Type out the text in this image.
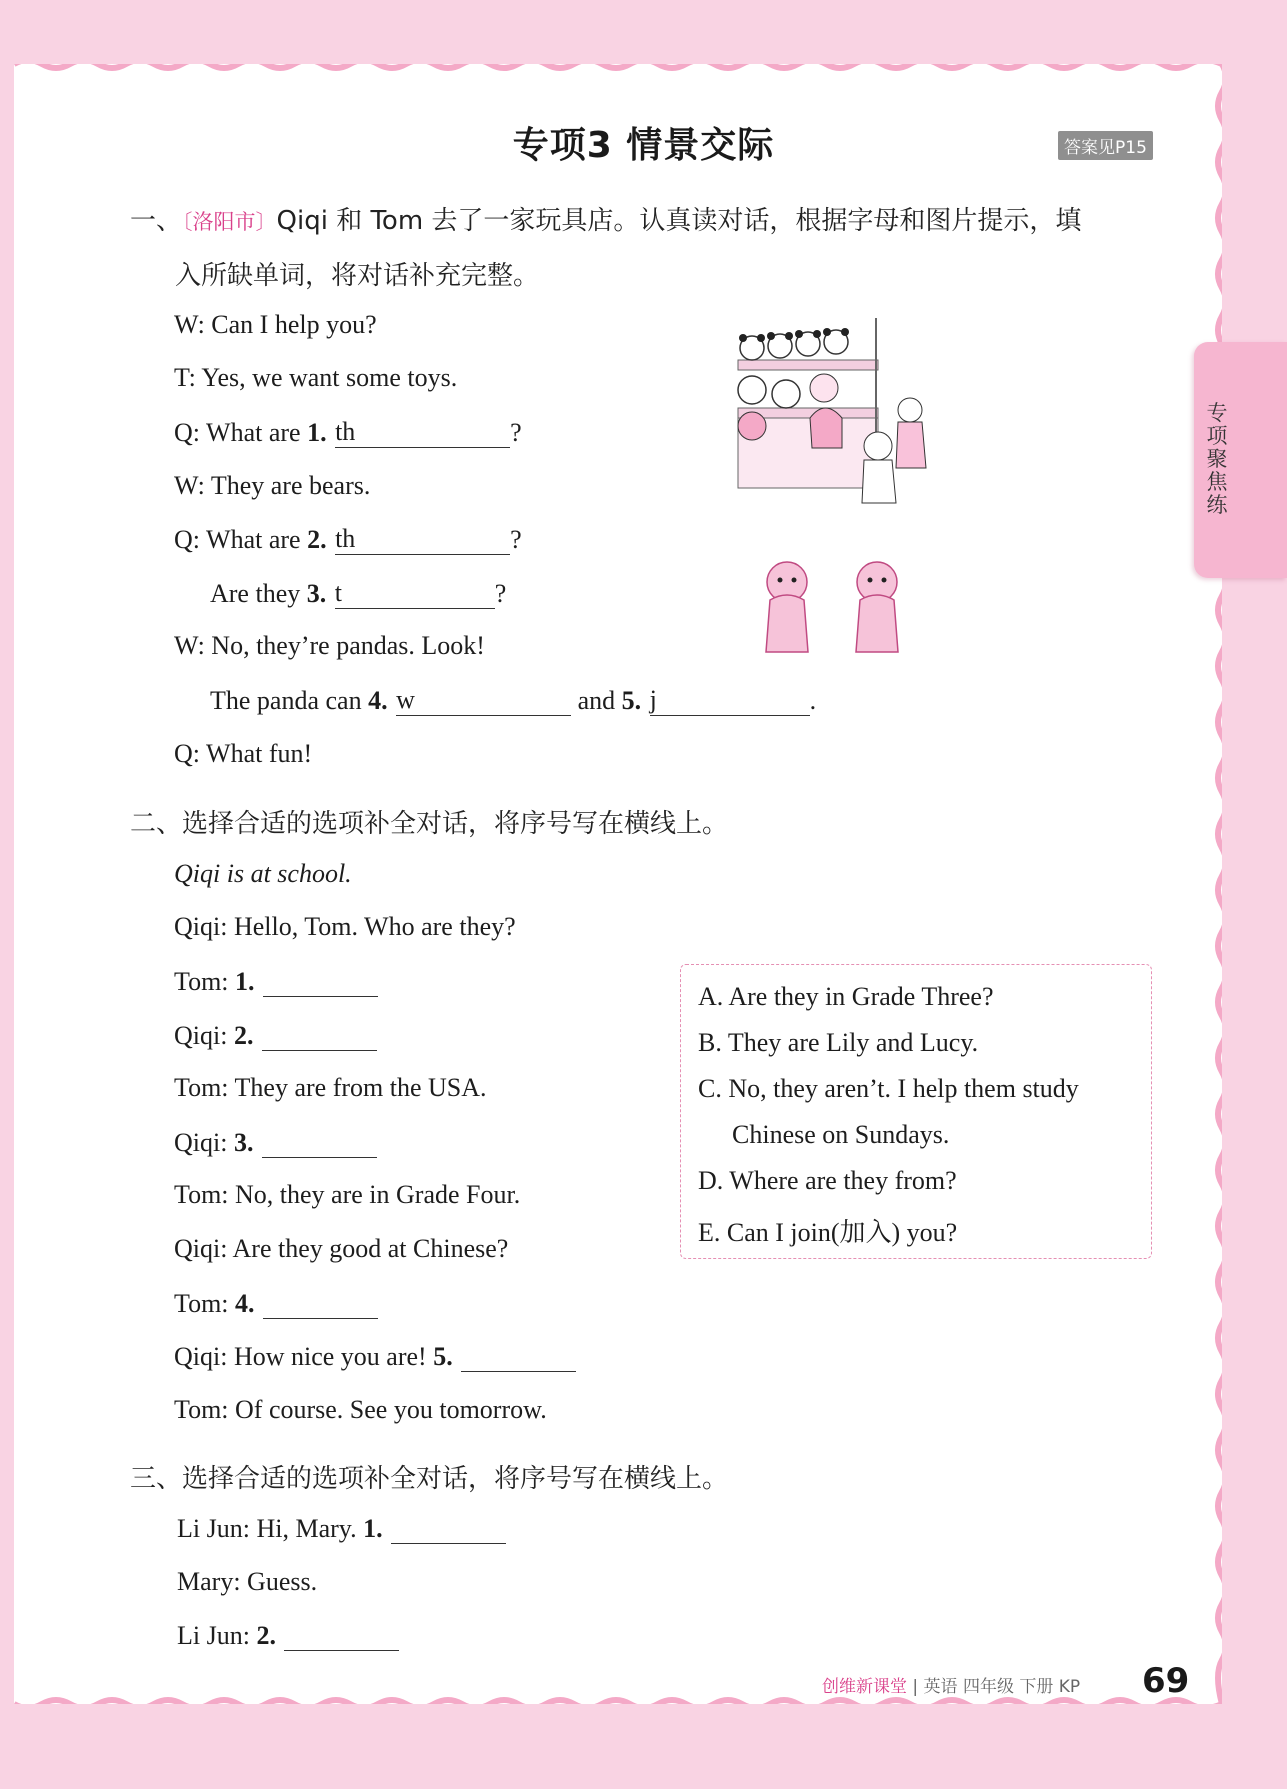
专项3 情景交际	答案见P15
专项聚焦练
一、〔洛阳市〕Qiqi 和 Tom 去了一家玩具店。认真读对话，根据字母和图片提示，填
入所缺单词，将对话补充完整。
W: Can I help you?
T: Yes, we want some toys.
Q: What are 1. th	?
W: They are bears.
Q: What are 2. th	?
Are they 3. t	?
W: No, they’re pandas. Look!
The panda can 4. w	and 5. j	.
Q: What fun!
二、选择合适的选项补全对话，将序号写在横线上。
Qiqi is at school.
Qiqi: Hello, Tom. Who are they?
Tom: 1.
Qiqi: 2.
Tom: They are from the USA.
Qiqi: 3.
Tom: No, they are in Grade Four.
Qiqi: Are they good at Chinese?
Tom: 4.
Qiqi: How nice you are! 5.
Tom: Of course. See you tomorrow.
A. Are they in Grade Three?
B. They are Lily and Lucy.
C. No, they aren’t. I help them study
Chinese on Sundays.
D. Where are they from?
E. Can I join(加入) you?
三、选择合适的选项补全对话，将序号写在横线上。
Li Jun: Hi, Mary. 1.
Mary: Guess.
Li Jun: 2.
创维新课堂 | 英语 四年级 下册 KP 69
